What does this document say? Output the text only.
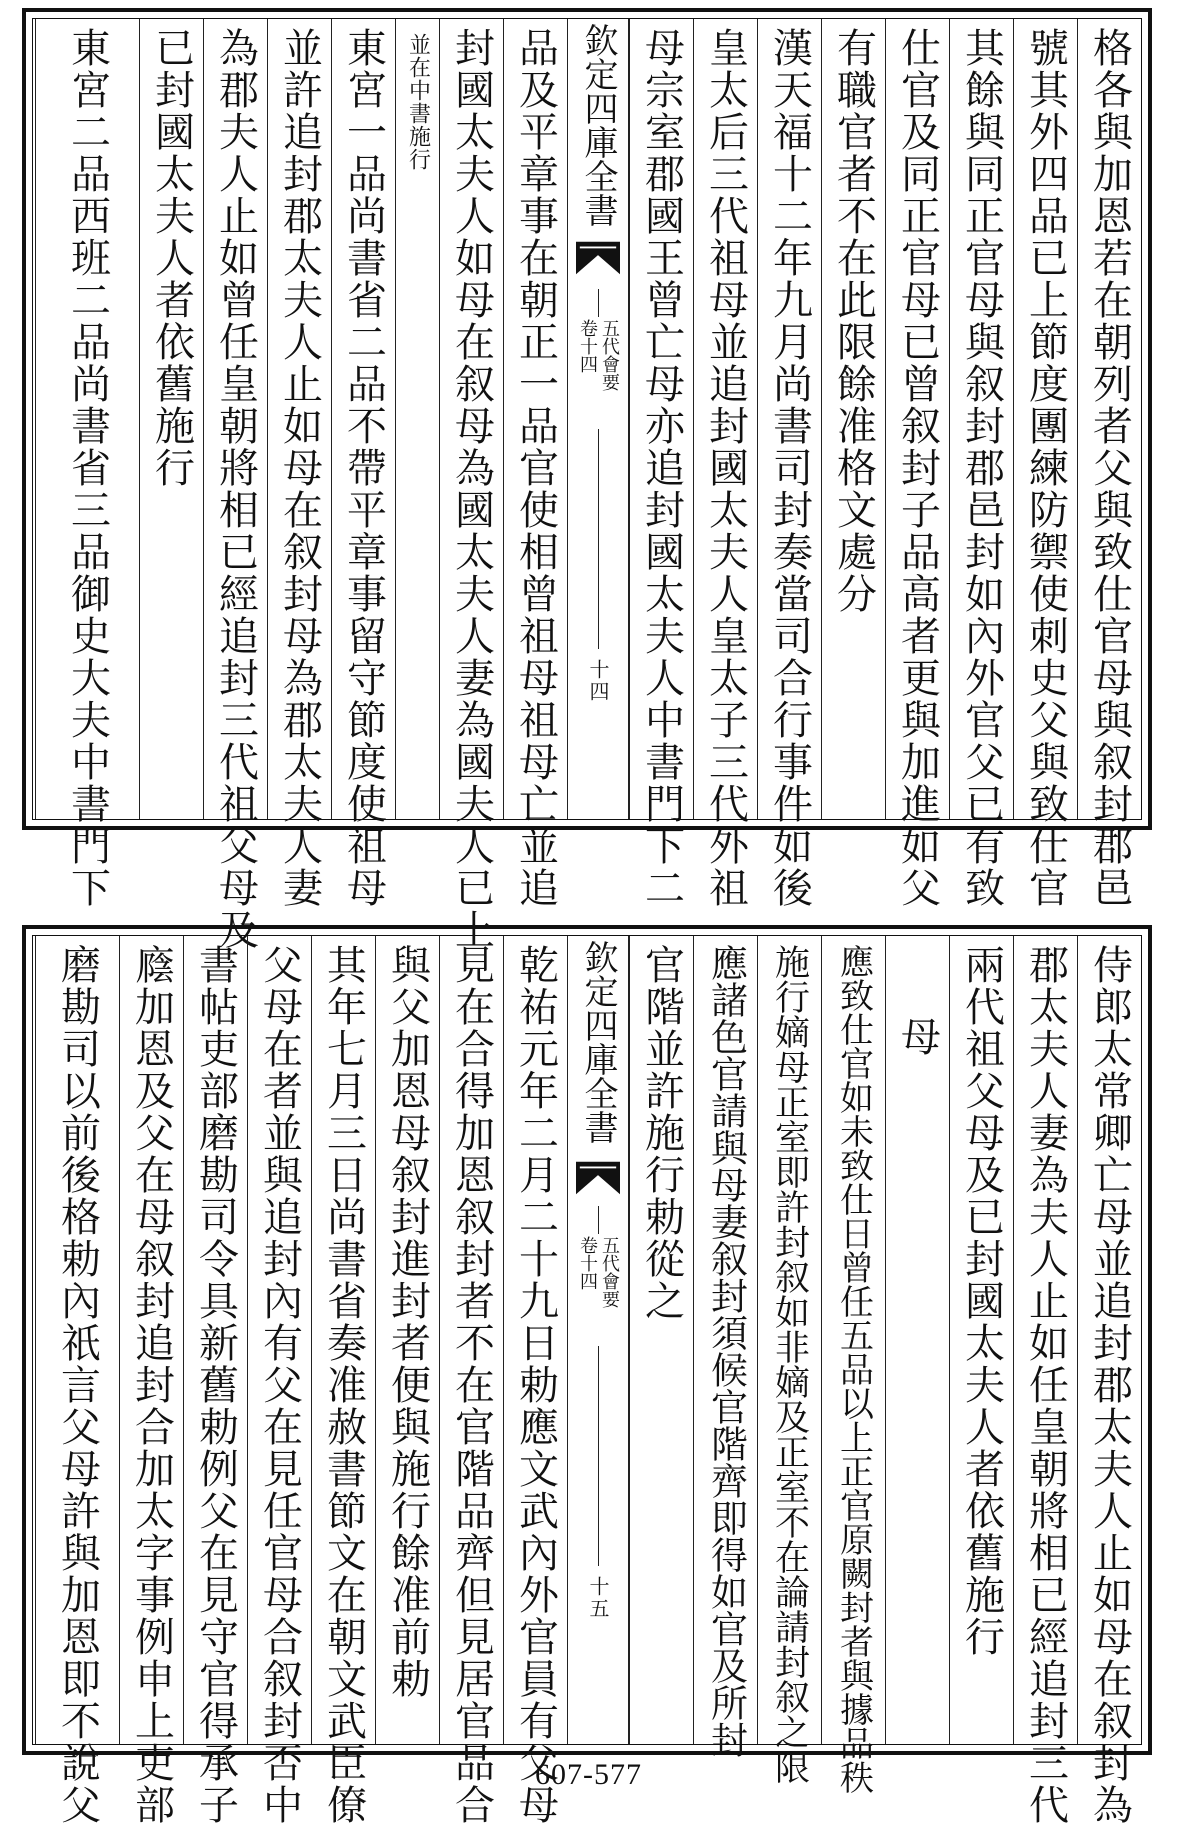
格各與加恩若在朝列者父與致仕官母與叙封郡邑
號其外四品已上節度團練防禦使刺史父與致仕官
其餘與同正官母與叙封郡邑封如內外官父已有致
仕官及同正官母已曾叙封子品高者更與加進如父
有職官者不在此限餘准格文處分
漢天福十二年九月尚書司封奏當司合行事件如後
皇太后三代祖母並追封國太夫人皇太子三代外祖
母宗室郡國王曾亡母亦追封國太夫人中書門下二
欽定四庫全書
五代會要
卷十四
十四
品及平章事在朝正一品官使相曾祖母祖母亡並追
封國太夫人如母在叙母為國太夫人妻為國夫人已上
並在中書施行
東宮一品尚書省二品不帶平章事留守節度使祖母
並許追封郡太夫人止如母在叙封母為郡太夫人妻
為郡夫人止如曾任皇朝將相已經追封三代祖父母及
已封國太夫人者依舊施行
東宮二品西班二品尚書省三品御史大夫中書門下
侍郎太常卿亡母並追封郡太夫人止如母在叙封為
郡太夫人妻為夫人止如任皇朝將相已經追封三代
兩代祖父母及已封國太夫人者依舊施行
母
應致仕官如未致仕日曾任五品以上正官原闕封者與據品秩
施行嫡母正室即許封叙如非嫡及正室不在論請封叙之限
應諸色官請與母妻叙封須候官階齊即得如官及所封
官階並許施行勅從之
欽定四庫全書
五代會要
卷十四
十五
乾祐元年二月二十九日勅應文武內外官員有父母
見在合得加恩叙封者不在官階品齊但見居官品合
與父加恩母叙封進封者便與施行餘准前勅
其年七月三日尚書省奏准赦書節文在朝文武臣僚
父母在者並與追封內有父在見任官母合叙封否中
書帖吏部磨勘司令具新舊勅例父在見守官得承子
廕加恩及父在母叙封追封合加太字事例申上吏部
磨勘司以前後格勅內祇言父母許與加恩即不說父	607-577
